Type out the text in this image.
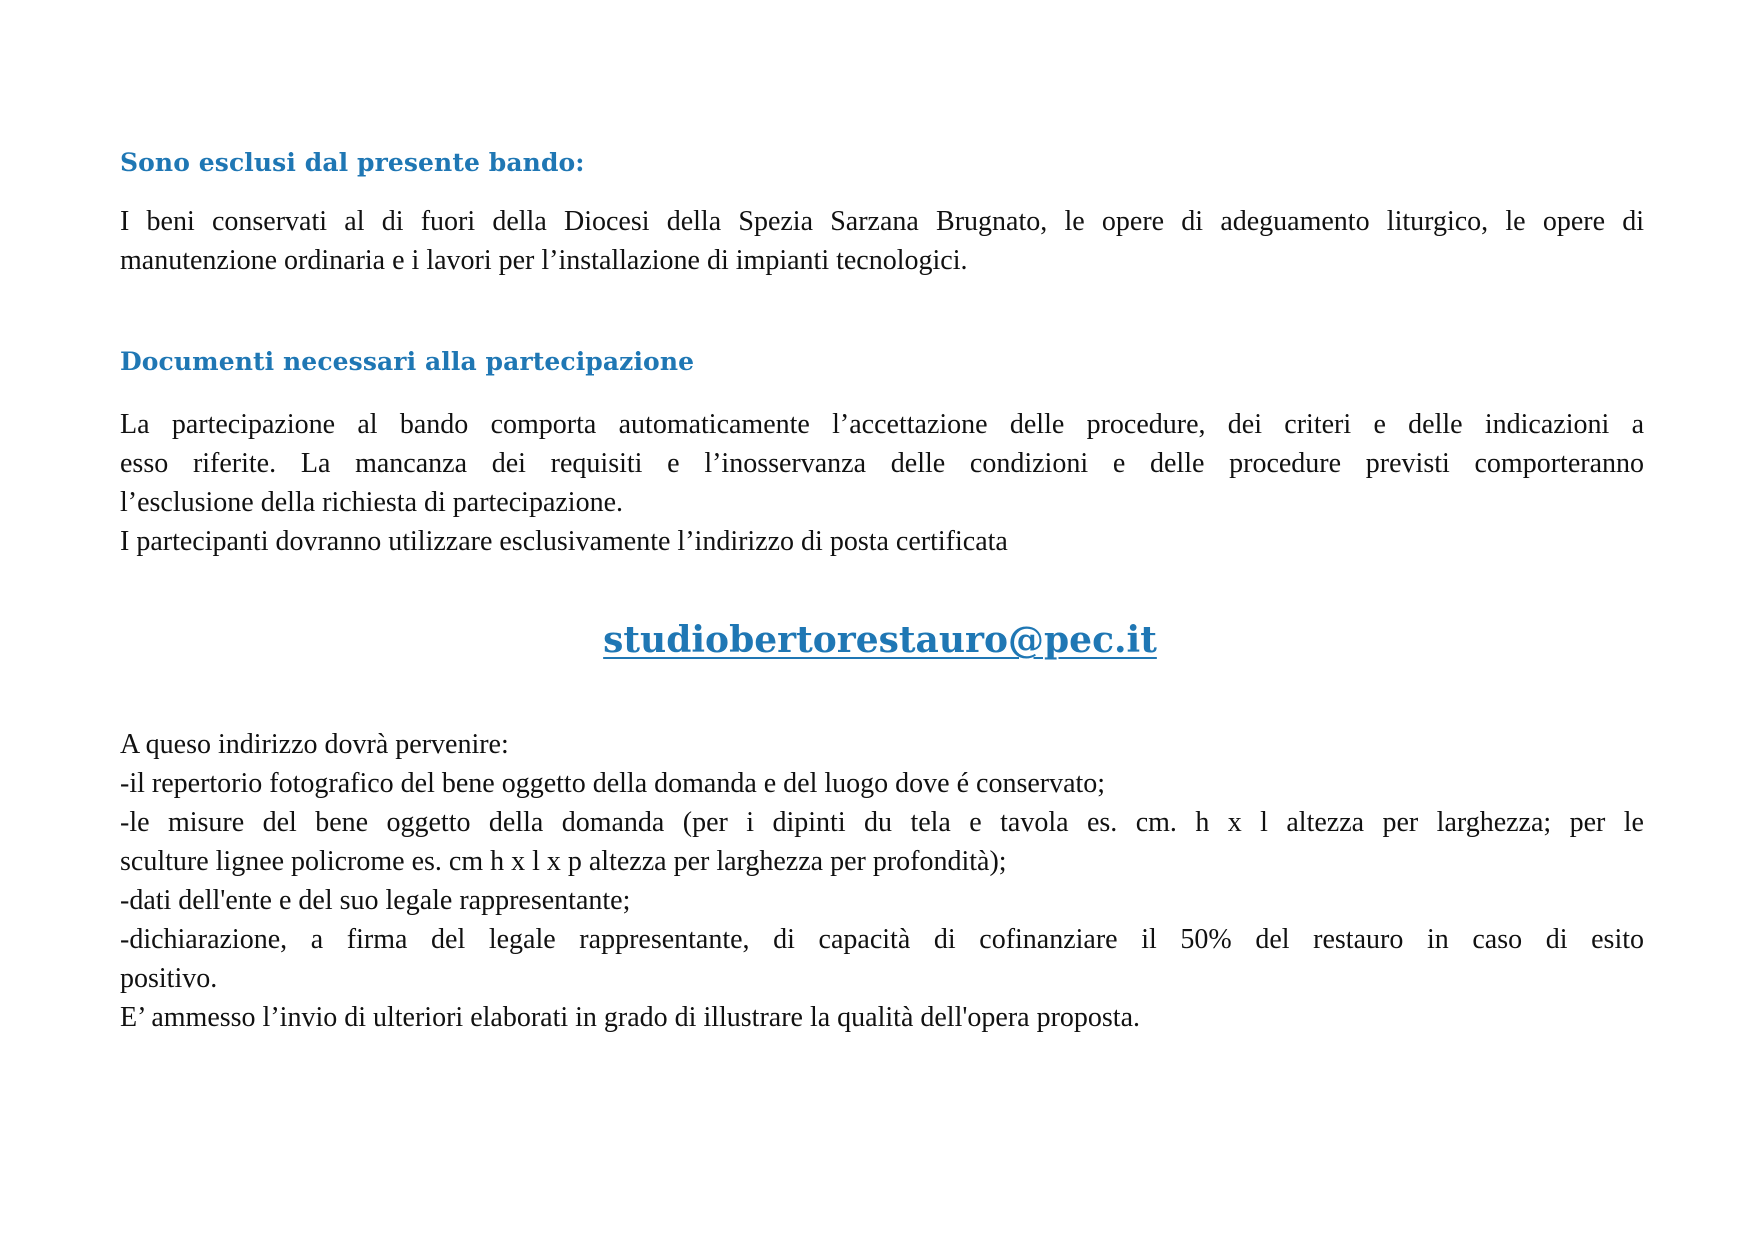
Sono esclusi dal presente bando:

I beni conservati al di fuori della Diocesi della Spezia Sarzana Brugnato, le opere di adeguamento liturgico, le opere di
manutenzione ordinaria e i lavori per l’installazione di impianti tecnologici.

Documenti necessari alla partecipazione

La partecipazione al bando comporta automaticamente l’accettazione delle procedure, dei criteri e delle indicazioni a
esso riferite. La mancanza dei requisiti e l’inosservanza delle condizioni e delle procedure previsti comporteranno
l’esclusione della richiesta di partecipazione.
I partecipanti dovranno utilizzare esclusivamente l’indirizzo di posta certificata

studiobertorestauro@pec.it

A queso indirizzo dovrà pervenire:
-il repertorio fotografico del bene oggetto della domanda e del luogo dove é conservato;
-le misure del bene oggetto della domanda (per i dipinti du tela e tavola es. cm. h x l altezza per larghezza; per le
sculture lignee policrome es. cm h x l x p altezza per larghezza per profondità);
-dati dell'ente e del suo legale rappresentante;
-dichiarazione, a firma del legale rappresentante, di capacità di cofinanziare il 50% del restauro in caso di esito
positivo.
E’ ammesso l’invio di ulteriori elaborati in grado di illustrare la qualità dell'opera proposta.
